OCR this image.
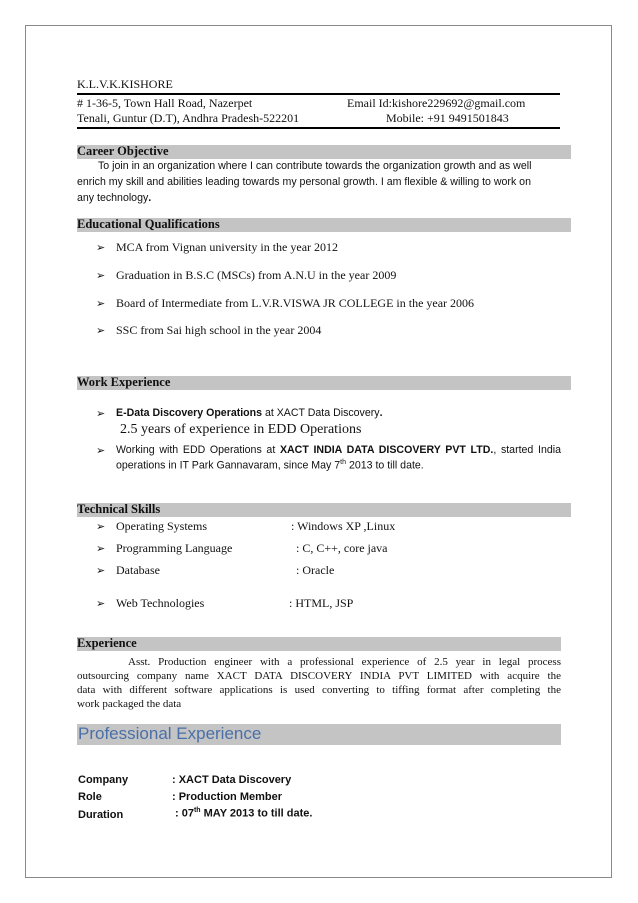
K.L.V.K.KISHORE
# 1-36-5, Town Hall Road, Nazerpet	Email Id:kishore229692@gmail.com
Tenali, Guntur (D.T), Andhra Pradesh-522201	Mobile: +91 9491501843
Career Objective
To join in an organization where I can contribute towards the organization growth and as well
enrich my skill and abilities leading towards my personal growth. I am flexible & willing to work on
any technology.
Educational Qualifications
➢ MCA from Vignan university in the year 2012
➢ Graduation in B.S.C (MSCs) from A.N.U in the year 2009
➢ Board of Intermediate from L.V.R.VISWA JR COLLEGE in the year 2006
➢ SSC from Sai high school in the year 2004
Work Experience
➢ E-Data Discovery Operations at XACT Data Discovery.
2.5 years of experience in EDD Operations
➢ Working with EDD Operations at XACT INDIA DATA DISCOVERY PVT LTD., started India
operations in IT Park Gannavaram, since May 7th 2013 to till date.
Technical Skills
➢ Operating Systems	: Windows XP ,Linux
➢ Programming Language	: C, C++, core java
➢ Database	: Oracle
➢ Web Technologies	: HTML, JSP
Experience
Asst. Production engineer with a professional experience of 2.5 year in legal process
outsourcing company name XACT DATA DISCOVERY INDIA PVT LIMITED with acquire the
data with different software applications is used converting to tiffing format after completing the
work packaged the data
Professional Experience
Company	: XACT Data Discovery
Role	: Production Member
Duration	: 07th MAY 2013 to till date.
